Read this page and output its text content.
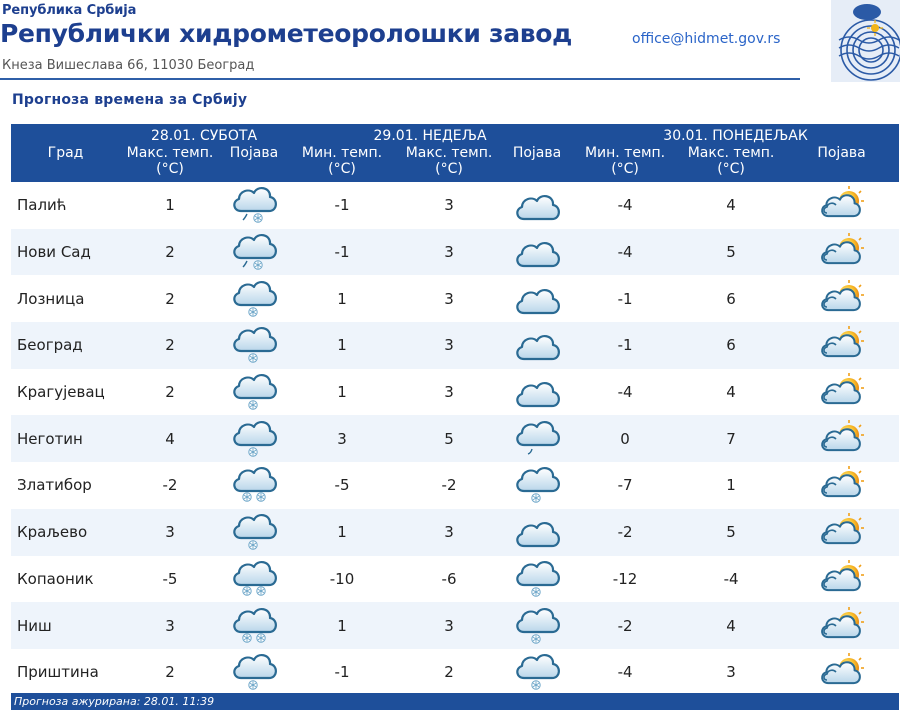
Република Србија
Републички хидрометеоролошки завод
Кнеза Вишеслава 66, 11030 Београд
office@hidmet.gov.rs
Прогноза времена за Србију
Град	28.01. СУБОТА		29.01. НЕДЕЉА			30.01. ПОНЕДЕЉАК		
	Макс. темп. (°C)	Појава	Мин. темп. (°C)	Макс. темп. (°C)	Појава	Мин. темп. (°C)	Макс. темп. (°C)	Појава
Палић	1		-1	3		-4	4	

Нови Сад	2		-1	3		-4	5	

Лозница	2		1	3		-1	6	

Београд	2		1	3		-1	6	

Крагујевац	2		1	3		-4	4	

Неготин	4		3	5		0	7	

Златибор	-2		-5	-2		-7	1	

Краљево	3		1	3		-2	5	

Копаоник	-5		-10	-6		-12	-4	

Ниш	3		1	3		-2	4	

Приштина	2		-1	2		-4	3	
Прогноза ажурирана: 28.01. 11:39
